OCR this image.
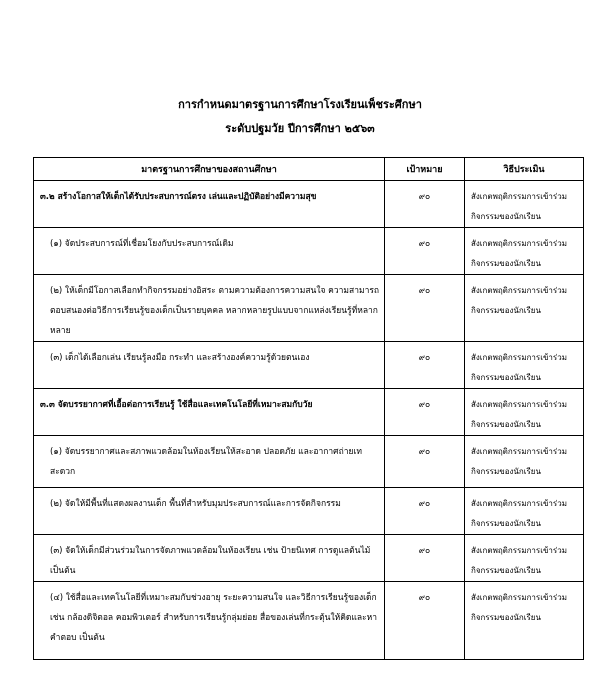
การกำหนดมาตรฐานการศึกษาโรงเรียนเพ็ชระศึกษา
ระดับปฐมวัย ปีการศึกษา ๒๕๖๓
มาตรฐานการศึกษาของสถานศึกษา	เป้าหมาย	วิธีประเมิน

๓.๒ สร้างโอกาสให้เด็กได้รับประสบการณ์ตรง เล่นและปฏิบัติอย่างมีความสุข	๙๐	สังเกตพฤติกรรมการเข้าร่วมกิจกรรมของนักเรียน

(๑) จัดประสบการณ์ที่เชื่อมโยงกับประสบการณ์เดิม	๙๐	สังเกตพฤติกรรมการเข้าร่วมกิจกรรมของนักเรียน

(๒) ให้เด็กมีโอกาสเลือกทำกิจกรรมอย่างอิสระ ตามความต้องการความสนใจ ความสามารถ ตอบสนองต่อวิธีการเรียนรู้ของเด็กเป็นรายบุคคล หลากหลายรูปแบบจากแหล่งเรียนรู้ที่หลากหลาย	๙๐	สังเกตพฤติกรรมการเข้าร่วมกิจกรรมของนักเรียน

(๓) เด็กได้เลือกเล่น เรียนรู้ลงมือ กระทำ และสร้างองค์ความรู้ด้วยตนเอง	๙๐	สังเกตพฤติกรรมการเข้าร่วมกิจกรรมของนักเรียน

๓.๓ จัดบรรยากาศที่เอื้อต่อการเรียนรู้ ใช้สื่อและเทคโนโลยีที่เหมาะสมกับวัย	๙๐	สังเกตพฤติกรรมการเข้าร่วมกิจกรรมของนักเรียน

(๑) จัดบรรยากาศและสภาพแวดล้อมในห้องเรียนให้สะอาด ปลอดภัย และอากาศถ่ายเท สะดวก	๙๐	สังเกตพฤติกรรมการเข้าร่วมกิจกรรมของนักเรียน

(๒) จัดให้มีพื้นที่แสดงผลงานเด็ก พื้นที่สำหรับมุมประสบการณ์และการจัดกิจกรรม	๙๐	สังเกตพฤติกรรมการเข้าร่วมกิจกรรมของนักเรียน

(๓) จัดให้เด็กมีส่วนร่วมในการจัดภาพแวดล้อมในห้องเรียน เช่น ป้ายนิเทศ การดูแลต้นไม้เป็นต้น	๙๐	สังเกตพฤติกรรมการเข้าร่วมกิจกรรมของนักเรียน

(๔) ใช้สื่อและเทคโนโลยีที่เหมาะสมกับช่วงอายุ ระยะความสนใจ และวิธีการเรียนรู้ของเด็ก เช่น กล้องดิจิตอล คอมพิวเตอร์ สำหรับการเรียนรู้กลุ่มย่อย สื่อของเล่นที่กระตุ้นให้คิดและหาคำตอบ เป็นต้น	๙๐	สังเกตพฤติกรรมการเข้าร่วมกิจกรรมของนักเรียน
